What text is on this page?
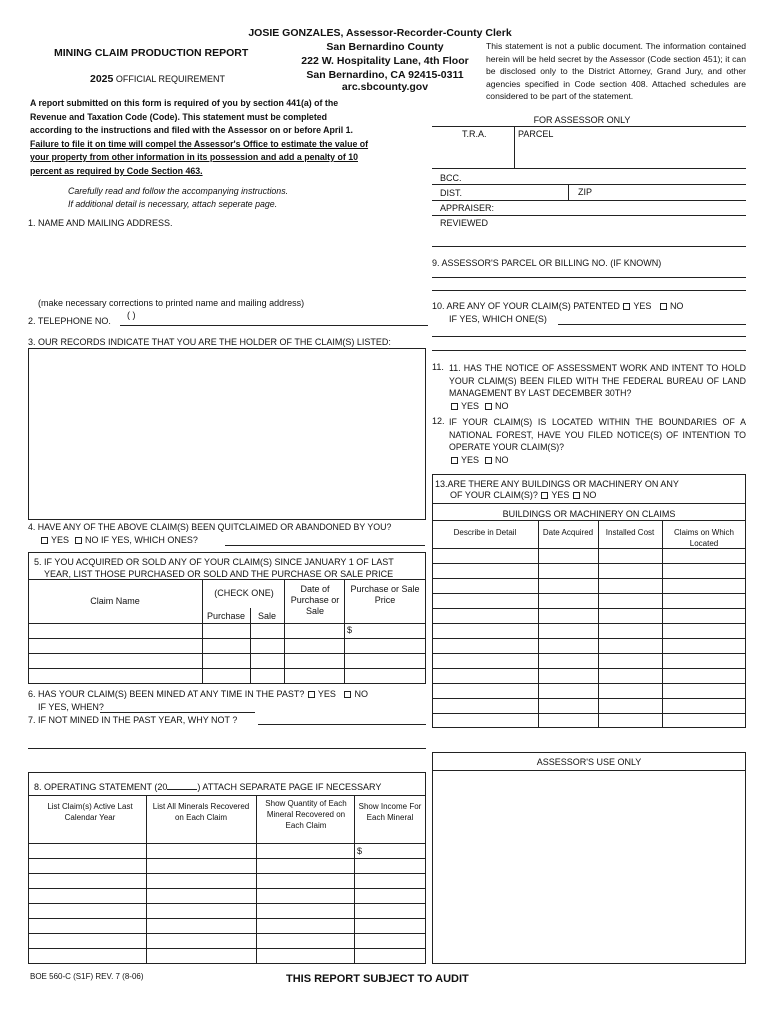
JOSIE GONZALES, Assessor-Recorder-County Clerk
San Bernardino County
222 W. Hospitality Lane, 4th Floor
San Bernardino, CA 92415-0311
arc.sbcounty.gov
MINING CLAIM PRODUCTION REPORT
2025 OFFICIAL REQUIREMENT
This statement is not a public document. The information contained herein will be held secret by the Assessor (Code section 451); it can be disclosed only to the District Attorney, Grand Jury, and other agencies specified in Code section 408. Attached schedules are considered to be part of the statement.
A report submitted on this form is required of you by section 441(a) of the Revenue and Taxation Code (Code). This statement must be completed according to the instructions and filed with the Assessor on or before April 1. Failure to file it on time will compel the Assessor's Office to estimate the value of your property from other information in its possession and add a penalty of 10 percent as required by Code Section 463.
Carefully read and follow the accompanying instructions.
If additional detail is necessary, attach seperate page.
FOR ASSESSOR ONLY
T.R.A.	PARCEL
BCC.
DIST.	ZIP
APPRAISER:
REVIEWED
1. NAME AND MAILING ADDRESS.
(make necessary corrections to printed name and mailing address)
2. TELEPHONE NO.
( )
3. OUR RECORDS INDICATE THAT YOU ARE THE HOLDER OF THE CLAIM(S) LISTED:
4. HAVE ANY OF THE ABOVE CLAIM(S) BEEN QUITCLAIMED OR ABANDONED BY YOU?
YES NO IF YES, WHICH ONES?
5. IF YOU ACQUIRED OR SOLD ANY OF YOUR CLAIM(S) SINCE JANUARY 1 OF LAST
YEAR, LIST THOSE PURCHASED OR SOLD AND THE PURCHASE OR SALE PRICE
Claim Name
(CHECK ONE)
Purchase	Sale
Date of Purchase or Sale
Purchase or Sale Price
$
6. HAS YOUR CLAIM(S) BEEN MINED AT ANY TIME IN THE PAST? YES NO
IF YES, WHEN?
7. IF NOT MINED IN THE PAST YEAR, WHY NOT ?
8. OPERATING STATEMENT (20	) ATTACH SEPARATE PAGE IF NECESSARY
List Claim(s) Active Last Calendar Year
List All Minerals Recovered on Each Claim
Show Quantity of Each Mineral Recovered on Each Claim
Show Income For Each Mineral
$
9. ASSESSOR'S PARCEL OR BILLING NO. (IF KNOWN)
10. ARE ANY OF YOUR CLAIM(S) PATENTED YES NO
IF YES, WHICH ONE(S)
11. 11. HAS THE NOTICE OF ASSESSMENT WORK AND INTENT TO HOLD YOUR CLAIM(S) BEEN FILED WITH THE FEDERAL BUREAU OF LAND MANAGEMENT BY LAST DECEMBER 30TH?
YES NO
12. IF YOUR CLAIM(S) IS LOCATED WITHIN THE BOUNDARIES OF A NATIONAL FOREST, HAVE YOU FILED NOTICE(S) OF INTENTION TO OPERATE YOUR CLAIM(S)?
YES NO
13.ARE THERE ANY BUILDINGS OR MACHINERY ON ANY
OF YOUR CLAIM(S)? YES NO
BUILDINGS OR MACHINERY ON CLAIMS
Describe in Detail	Date Acquired	Installed Cost	Claims on Which Located
ASSESSOR'S USE ONLY
BOE 560-C (S1F) REV. 7 (8-06)	THIS REPORT SUBJECT TO AUDIT
